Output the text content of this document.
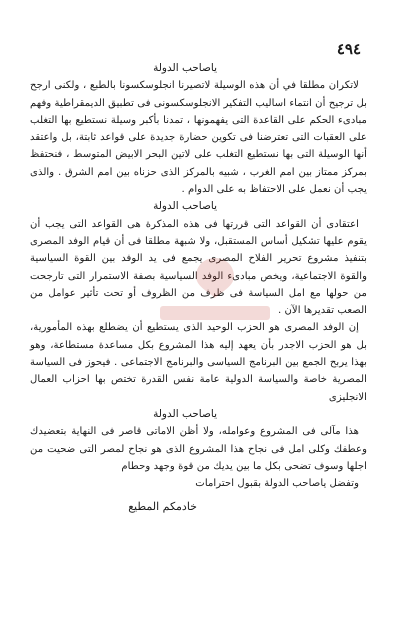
٤٩٤

ياصاحب الدولة

لاتكران مطلقا في أن هذه الوسيلة لاتصيرنا انجلوسكسونا بالطبع ، ولكنى ارجح بل ترجيح أن انتماء اساليب التفكير الانجلوسكسونى فى تطبيق الديمقراطية وفهم مبادىء الحكم على القاعدة التى يفهمونها ، تمدنا بأكبر وسيلة نستطيع بها التغلب على العقبات التى تعترضنا فى تكوين حضارة جديدة على قواعد ثابتة، بل واعتقد أنها الوسيلة التى بها نستطيع التغلب على لاتين البحر الابيض المتوسط ، فنحتفظ بمركز ممتاز بين امم الغرب ، شبيه بالمركز الذى حزناه بين امم الشرق . والذى يجب أن نعمل على الاحتفاظ به على الدوام .

ياصاحب الدولة

اعتقادى أن القواعد التى قررتها فى هذه المذكرة هى القواعد التى يجب أن يقوم عليها تشكيل أساس المستقبل، ولا شبهة مطلقا فى أن قيام الوفد المصرى بتنفيذ مشروع تحرير الفلاح المصرى يجمع فى يد الوفد بين القوة السياسية والقوة الاجتماعية، ويخص مبادىء الوفد السياسية بصفة الاستمرار التى تارجحت من حولها مع امل السياسة فى ظرف من الظروف أو تحت تأثير عوامل من الصعب تقديرها الآن .

إن الوفد المصرى هو الحزب الوحيد الذى يستطيع أن يضطلع بهذه المأمورية، بل هو الحزب الاجدر بأن يعهد إليه هذا المشروع بكل مساعدة مستطاعة، وهو بهذا يربح الجمع بين البرنامج السياسى والبرنامج الاجتماعى . فيحوز فى السياسة المصرية خاصة والسياسة الدولية عامة نفس القدرة تختص بها احزاب العمال الانجليزى

ياصاحب الدولة

هذا مآلى فى المشروع وعوامله، ولا أظن الاماتى قاصر فى النهاية بتعضيدك وعطفك وكلى امل فى نجاح هذا المشروع الذى هو نجاح لمصر التى ضحيت من اجلها وسوف تضحى بكل ما بين يديك من قوة وجهد وحطام

وتفضل ياصاحب الدولة بقبول احترامات

خادمكم المطيع
